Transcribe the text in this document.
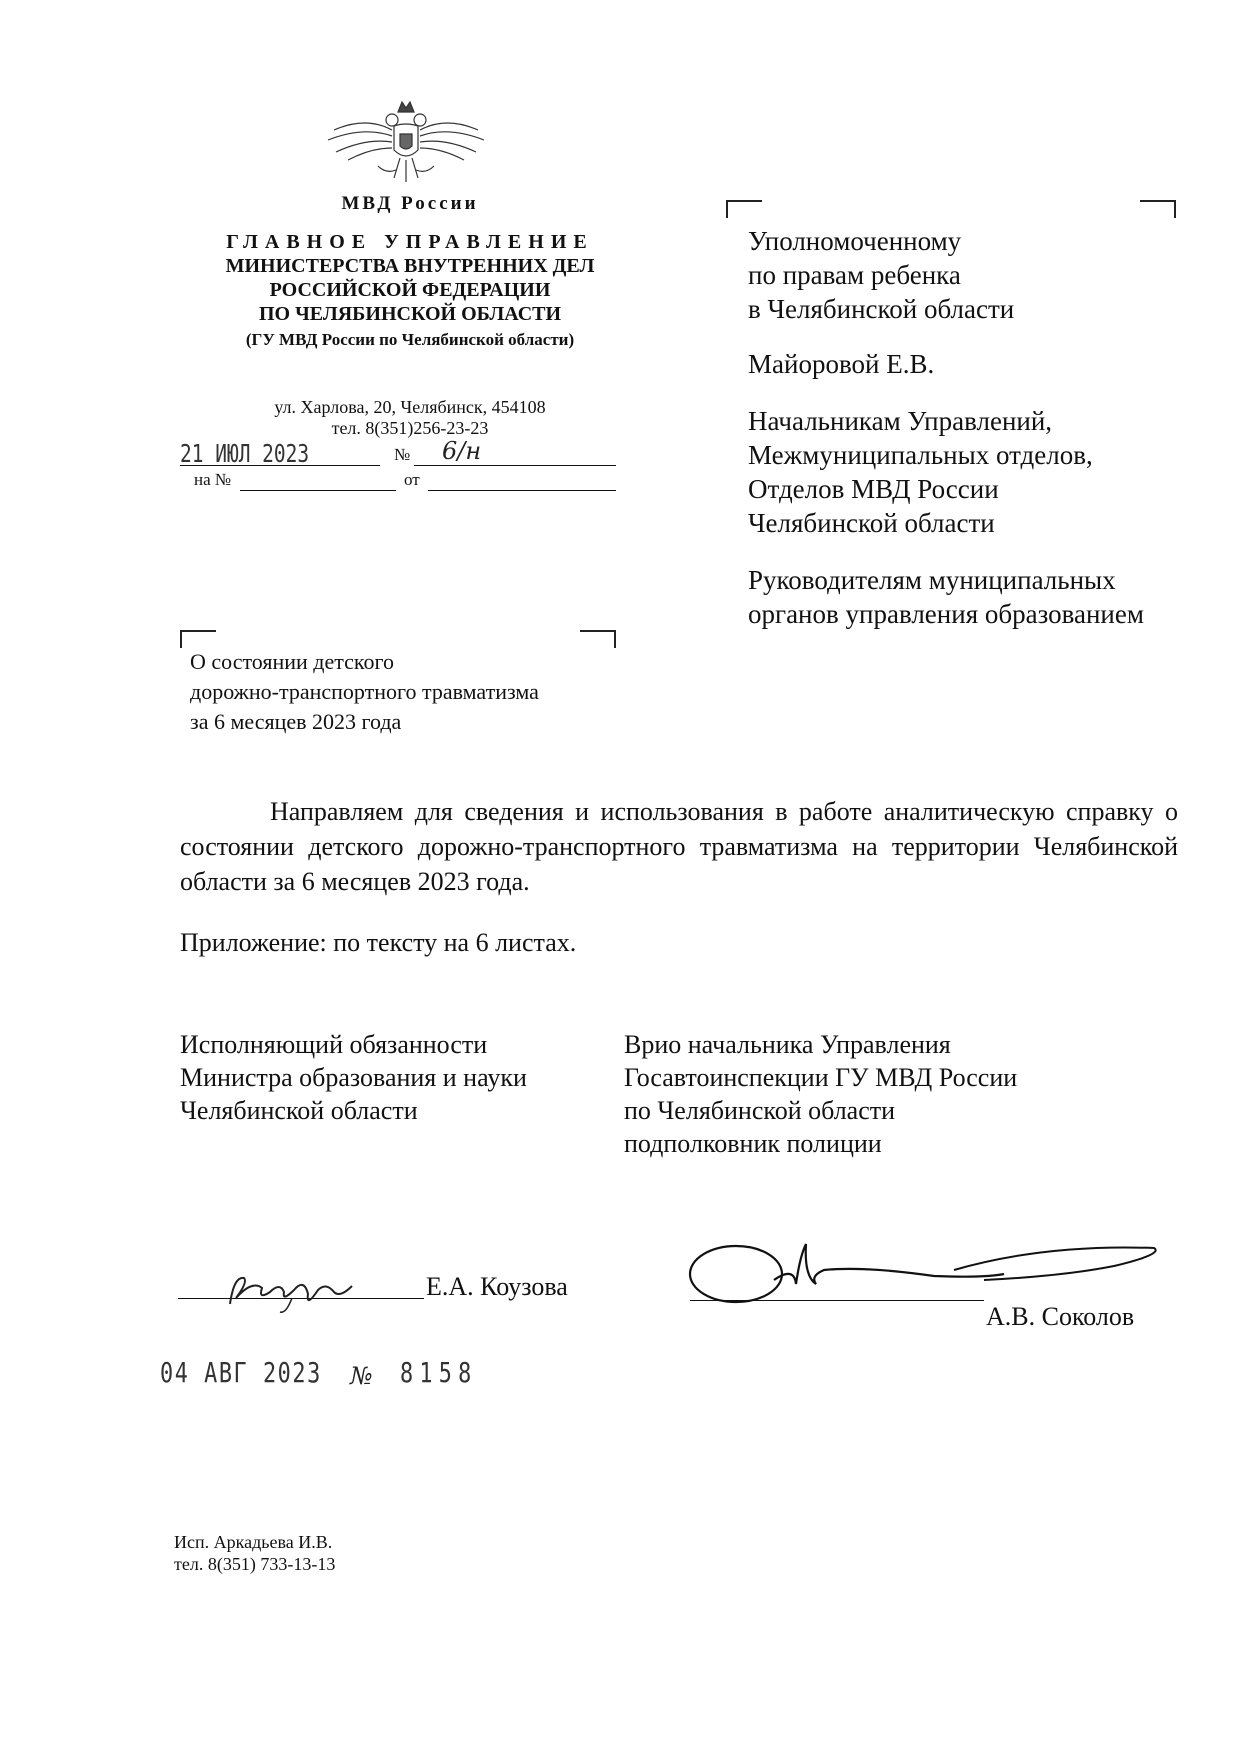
МВД России
ГЛАВНОЕ УПРАВЛЕНИЕ
МИНИСТЕРСТВА ВНУТРЕННИХ ДЕЛ
РОССИЙСКОЙ ФЕДЕРАЦИИ
ПО ЧЕЛЯБИНСКОЙ ОБЛАСТИ
(ГУ МВД России по Челябинской области)
ул. Харлова, 20, Челябинск, 454108
тел. 8(351)256-23-23
21 ИЮЛ 2023	№ 6/н
на №	от
Уполномоченному
по правам ребенка
в Челябинской области
Майоровой Е.В.
Начальникам Управлений,
Межмуниципальных отделов,
Отделов МВД России
Челябинской области
Руководителям муниципальных
органов управления образованием
О состоянии детского
дорожно-транспортного травматизма
за 6 месяцев 2023 года
Направляем для сведения и использования в работе аналитическую справку о состоянии детского дорожно-транспортного травматизма на территории Челябинской области за 6 месяцев 2023 года.
Приложение: по тексту на 6 листах.
Исполняющий обязанности
Министра образования и науки
Челябинской области
Врио начальника Управления
Госавтоинспекции ГУ МВД России
по Челябинской области
подполковник полиции
Е.А. Коузова
А.В. Соколов
04 АВГ 2023 № 8158
Исп. Аркадьева И.В.
тел. 8(351) 733-13-13
